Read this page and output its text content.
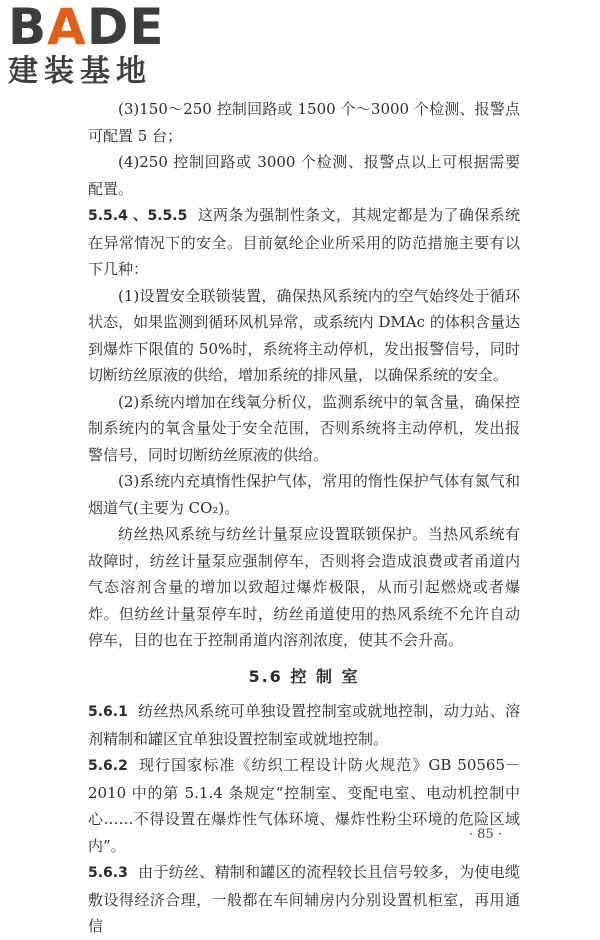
BADE
建装基地

(3)150～250 控制回路或 1500 个～3000 个检测、报警点可配置 5 台；

(4)250 控制回路或 3000 个检测、报警点以上可根据需要配置。

5.5.4 、5.5.5 这两条为强制性条文，其规定都是为了确保系统在异常情况下的安全。目前氨纶企业所采用的防范措施主要有以下几种：

(1)设置安全联锁装置，确保热风系统内的空气始终处于循环状态，如果监测到循环风机异常，或系统内 DMAc 的体积含量达到爆炸下限值的 50%时，系统将主动停机，发出报警信号，同时切断纺丝原液的供给，增加系统的排风量，以确保系统的安全。

(2)系统内增加在线氧分析仪，监测系统中的氧含量，确保控制系统内的氧含量处于安全范围，否则系统将主动停机，发出报警信号，同时切断纺丝原液的供给。

(3)系统内充填惰性保护气体，常用的惰性保护气体有氮气和烟道气(主要为 CO₂)。

纺丝热风系统与纺丝计量泵应设置联锁保护。当热风系统有故障时，纺丝计量泵应强制停车，否则将会造成浪费或者甬道内气态溶剂含量的增加以致超过爆炸极限，从而引起燃烧或者爆炸。但纺丝计量泵停车时，纺丝甬道使用的热风系统不允许自动停车，目的也在于控制甬道内溶剂浓度，使其不会升高。

5.6 控 制 室

5.6.1 纺丝热风系统可单独设置控制室或就地控制，动力站、溶剂精制和罐区宜单独设置控制室或就地控制。

5.6.2 现行国家标准《纺织工程设计防火规范》GB 50565－2010 中的第 5.1.4 条规定“控制室、变配电室、电动机控制中心……不得设置在爆炸性气体环境、爆炸性粉尘环境的危险区域内”。

5.6.3 由于纺丝、精制和罐区的流程较长且信号较多，为使电缆敷设得经济合理，一般都在车间辅房内分别设置机柜室，再用通信

· 85 ·
